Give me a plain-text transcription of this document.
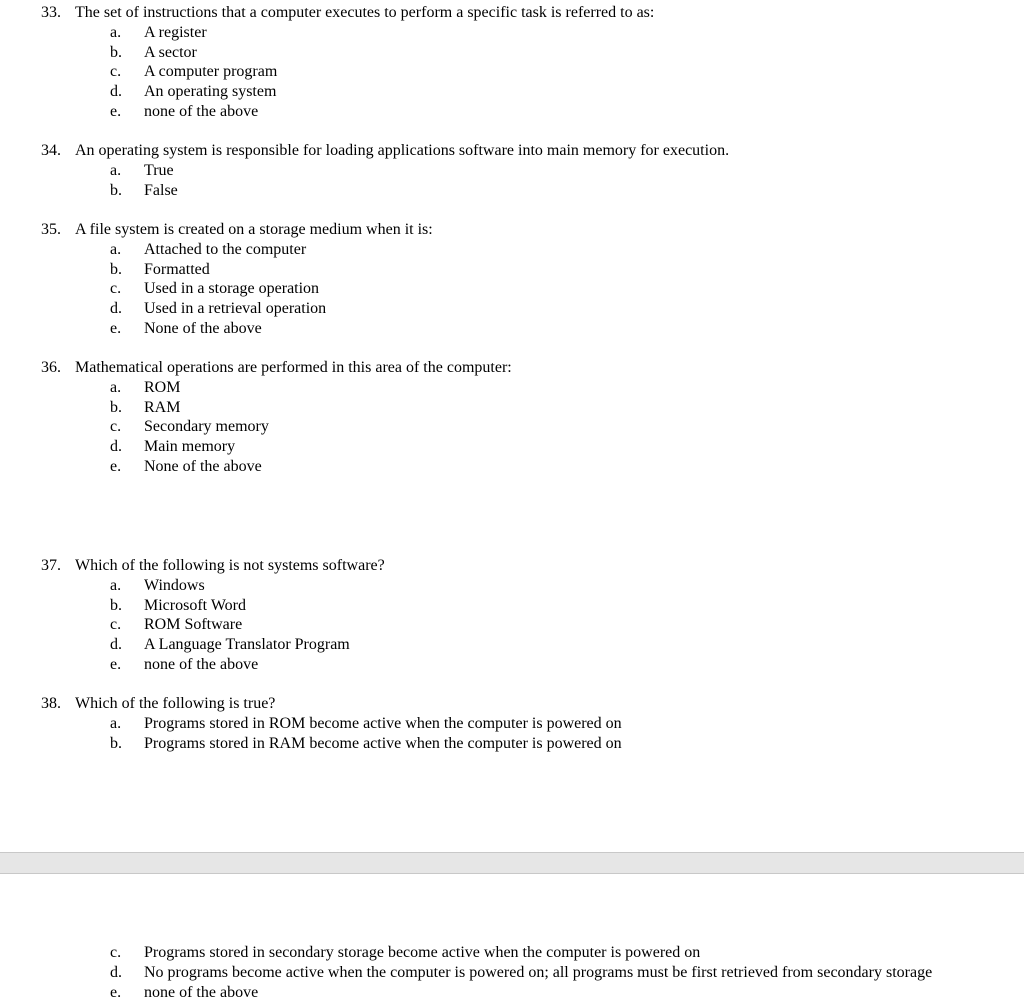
33. The set of instructions that a computer executes to perform a specific task is referred to as:
a. A register
b. A sector
c. A computer program
d. An operating system
e. none of the above
34. An operating system is responsible for loading applications software into main memory for execution.
a. True
b. False
35. A file system is created on a storage medium when it is:
a. Attached to the computer
b. Formatted
c. Used in a storage operation
d. Used in a retrieval operation
e. None of the above
36. Mathematical operations are performed in this area of the computer:
a. ROM
b. RAM
c. Secondary memory
d. Main memory
e. None of the above
37. Which of the following is not systems software?
a. Windows
b. Microsoft Word
c. ROM Software
d. A Language Translator Program
e. none of the above
38. Which of the following is true?
a. Programs stored in ROM become active when the computer is powered on
b. Programs stored in RAM become active when the computer is powered on
c. Programs stored in secondary storage become active when the computer is powered on
d. No programs become active when the computer is powered on; all programs must be first retrieved from secondary storage
e. none of the above
